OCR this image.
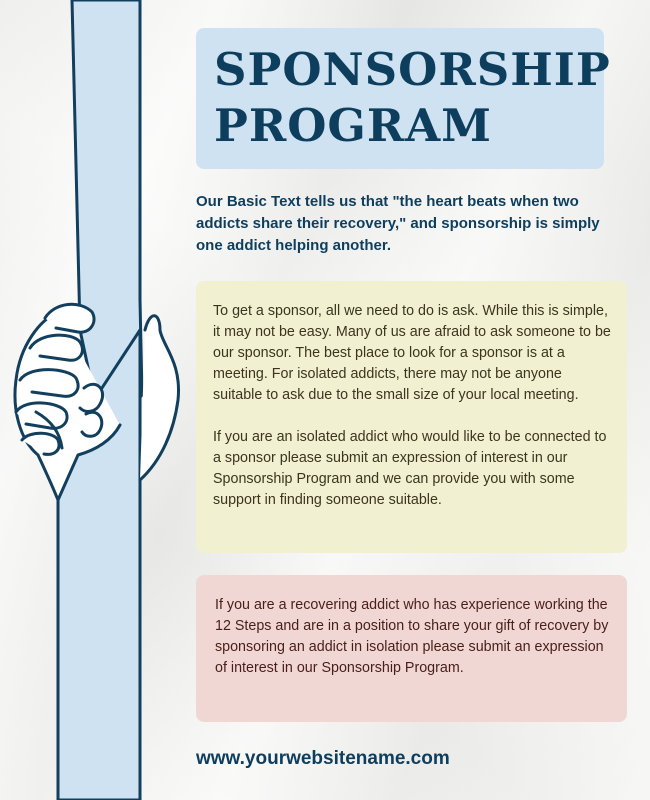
SPONSORSHIP
PROGRAM

Our Basic Text tells us that "the heart beats when two addicts share their recovery," and sponsorship is simply one addict helping another.

To get a sponsor, all we need to do is ask. While this is simple, it may not be easy. Many of us are afraid to ask someone to be our sponsor. The best place to look for a sponsor is at a meeting. For isolated addicts, there may not be anyone suitable to ask due to the small size of your local meeting.

If you are an isolated addict who would like to be connected to a sponsor please submit an expression of interest in our Sponsorship Program and we can provide you with some support in finding someone suitable.

If you are a recovering addict who has experience working the 12 Steps and are in a position to share your gift of recovery by sponsoring an addict in isolation please submit an expression of interest in our Sponsorship Program.

www.yourwebsitename.com
